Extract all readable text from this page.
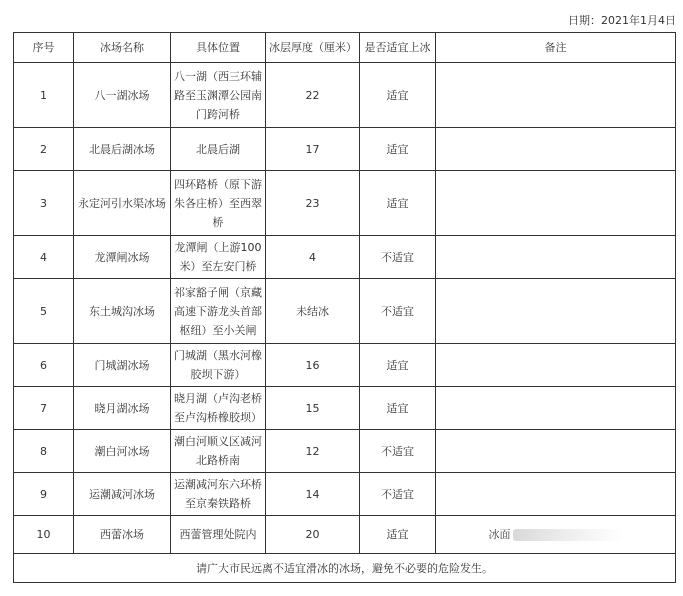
日期：2021年1月4日
序号	冰场名称	具体位置	冰层厚度（厘米）	是否适宜上冰	备注
1	八一湖冰场	八一湖（西三环辅路至玉渊潭公园南门跨河桥	22	适宜	
2	北晨后湖冰场	北晨后湖	17	适宜	
3	永定河引水渠冰场	四环路桥（原下游朱各庄桥）至西翠桥	23	适宜	
4	龙潭闸冰场	龙潭闸（上游100米）至左安门桥	4	不适宜	
5	东土城沟冰场	祁家豁子闸（京藏高速下游龙头首部枢纽）至小关闸	未结冰	不适宜	
6	门城湖冰场	门城湖（黑水河橡胶坝下游）	16	适宜	
7	晓月湖冰场	晓月湖（卢沟老桥至卢沟桥橡胶坝）	15	适宜	
8	潮白河冰场	潮白河顺义区减河北路桥南	12	不适宜	
9	运潮减河冰场	运潮减河东六环桥至京秦铁路桥	14	不适宜	
10	西蕾冰场	西蕾管理处院内	20	适宜	冰面
请广大市民远离不适宜滑冰的冰场，避免不必要的危险发生。					
